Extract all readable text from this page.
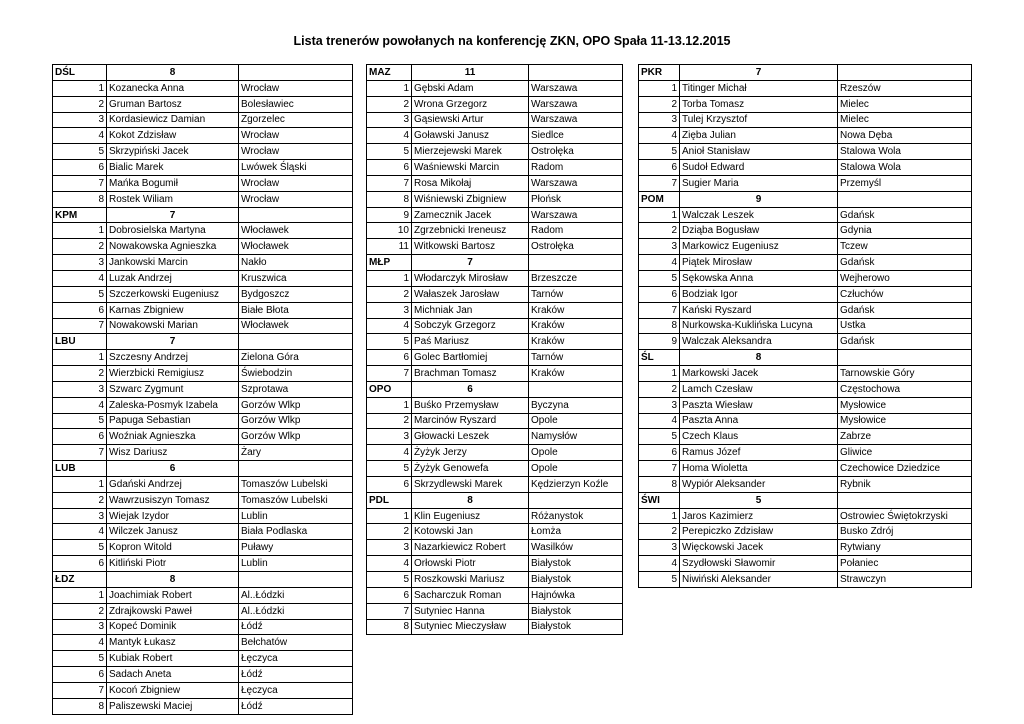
Lista trenerów powołanych na konferencję ZKN, OPO Spała 11-13.12.2015
DŚL	8	
1	Kozanecka Anna	Wrocław
2	Gruman Bartosz	Bolesławiec
3	Kordasiewicz Damian	Zgorzelec
4	Kokot Zdzisław	Wrocław
5	Skrzypiński Jacek	Wrocław
6	Bialic Marek	Lwówek Śląski
7	Mańka Bogumił	Wrocław
8	Rostek Wiliam	Wrocław
KPM	7	
1	Dobrosielska Martyna	Włocławek
2	Nowakowska Agnieszka	Włocławek
3	Jankowski Marcin	Nakło
4	Luzak Andrzej	Kruszwica
5	Szczerkowski Eugeniusz	Bydgoszcz
6	Karnas Zbigniew	Białe Błota
7	Nowakowski Marian	Włocławek
LBU	7	
1	Szczesny Andrzej	Zielona Góra
2	Wierzbicki Remigiusz	Świebodzin
3	Szwarc Zygmunt	Szprotawa
4	Zaleska-Posmyk Izabela	Gorzów Wlkp
5	Papuga Sebastian	Gorzów Wlkp
6	Woźniak Agnieszka	Gorzów Wlkp
7	Wisz Dariusz	Żary
LUB	6	
1	Gdański Andrzej	Tomaszów Lubelski
2	Wawrzusiszyn Tomasz	Tomaszów Lubelski
3	Wiejak Izydor	Lublin
4	Wilczek Janusz	Biała Podlaska
5	Kopron Witold	Puławy
6	Kitliński Piotr	Lublin
ŁDZ	8	
1	Joachimiak Robert	Al..Łódzki
2	Zdrajkowski Paweł	Al..Łódzki
3	Kopeć Dominik	Łódź
4	Mantyk Łukasz	Bełchatów
5	Kubiak Robert	Łęczyca
6	Sadach Aneta	Łódź
7	Kocoń Zbigniew	Łęczyca
8	Paliszewski Maciej	Łódź
MAZ	11	
1	Gębski Adam	Warszawa
2	Wrona Grzegorz	Warszawa
3	Gąsiewski Artur	Warszawa
4	Goławski Janusz	Siedlce
5	Mierzejewski Marek	Ostrołęka
6	Waśniewski Marcin	Radom
7	Rosa Mikołaj	Warszawa
8	Wiśniewski Zbigniew	Płońsk
9	Zamecznik Jacek	Warszawa
10	Zgrzebnicki Ireneusz	Radom
11	Witkowski Bartosz	Ostrołęka
MŁP	7	
1	Włodarczyk Mirosław	Brzeszcze
2	Wałaszek Jarosław	Tarnów
3	Michniak Jan	Kraków
4	Sobczyk Grzegorz	Kraków
5	Paś Mariusz	Kraków
6	Golec Bartłomiej	Tarnów
7	Brachman Tomasz	Kraków
OPO	6	
1	Buśko Przemysław	Byczyna
2	Marcinów Ryszard	Opole
3	Głowacki Leszek	Namysłów
4	Żyżyk Jerzy	Opole
5	Żyżyk Genowefa	Opole
6	Skrzydlewski Marek	Kędzierzyn Koźle
PDL	8	
1	Klin Eugeniusz	Różanystok
2	Kotowski Jan	Łomża
3	Nazarkiewicz Robert	Wasilków
4	Orłowski Piotr	Białystok
5	Roszkowski Mariusz	Białystok
6	Sacharczuk Roman	Hajnówka
7	Sutyniec Hanna	Białystok
8	Sutyniec Mieczysław	Białystok
PKR	7	
1	Titinger Michał	Rzeszów
2	Torba Tomasz	Mielec
3	Tulej Krzysztof	Mielec
4	Zięba Julian	Nowa Dęba
5	Anioł Stanisław	Stalowa Wola
6	Sudoł Edward	Stalowa Wola
7	Sugier Maria	Przemyśl
POM	9	
1	Walczak Leszek	Gdańsk
2	Dziąba Bogusław	Gdynia
3	Markowicz Eugeniusz	Tczew
4	Piątek Mirosław	Gdańsk
5	Sękowska Anna	Wejherowo
6	Bodziak Igor	Człuchów
7	Kański Ryszard	Gdańsk
8	Nurkowska-Kuklińska Lucyna	Ustka
9	Walczak Aleksandra	Gdańsk
ŚL	8	
1	Markowski Jacek	Tarnowskie Góry
2	Lamch Czesław	Częstochowa
3	Paszta Wiesław	Mysłowice
4	Paszta Anna	Mysłowice
5	Czech Klaus	Zabrze
6	Ramus Józef	Gliwice
7	Homa Wioletta	Czechowice Dziedzice
8	Wypiór Aleksander	Rybnik
ŚWI	5	
1	Jaros Kazimierz	Ostrowiec Świętokrzyski
2	Perepiczko Zdzisław	Busko Zdrój
3	Więckowski Jacek	Rytwiany
4	Szydłowski Sławomir	Połaniec
5	Niwiński Aleksander	Strawczyn
